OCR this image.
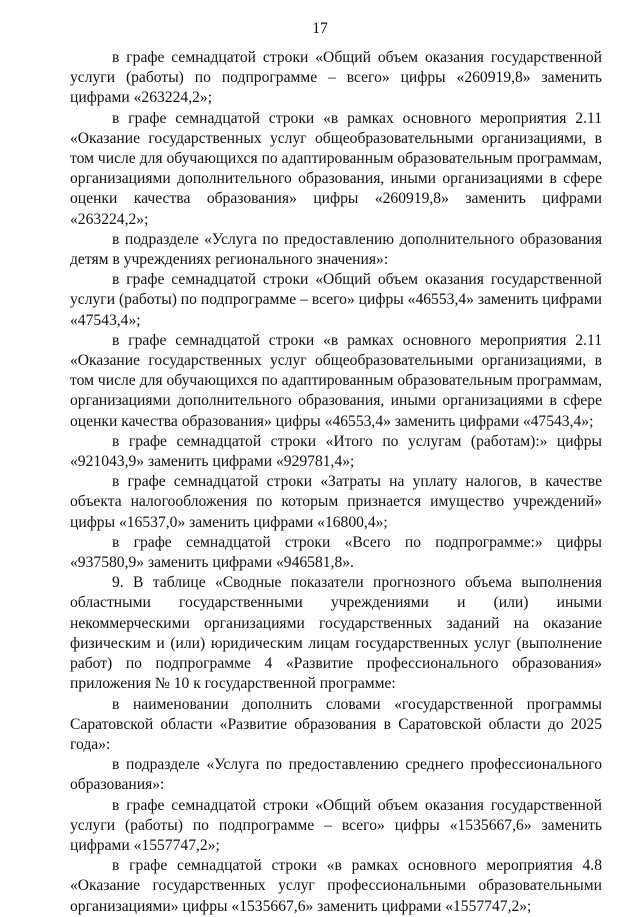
17

в графе семнадцатой строки «Общий объем оказания государственной услуги (работы) по подпрограмме – всего» цифры «260919,8» заменить цифрами «263224,2»;

в графе семнадцатой строки «в рамках основного мероприятия 2.11 «Оказание государственных услуг общеобразовательными организациями, в том числе для обучающихся по адаптированным образовательным программам, организациями дополнительного образования, иными организациями в сфере оценки качества образования» цифры «260919,8» заменить цифрами «263224,2»;

в подразделе «Услуга по предоставлению дополнительного образования детям в учреждениях регионального значения»:

в графе семнадцатой строки «Общий объем оказания государственной услуги (работы) по подпрограмме – всего» цифры «46553,4» заменить цифрами «47543,4»;

в графе семнадцатой строки «в рамках основного мероприятия 2.11 «Оказание государственных услуг общеобразовательными организациями, в том числе для обучающихся по адаптированным образовательным программам, организациями дополнительного образования, иными организациями в сфере оценки качества образования» цифры «46553,4» заменить цифрами «47543,4»;

в графе семнадцатой строки «Итого по услугам (работам):» цифры «921043,9» заменить цифрами «929781,4»;

в графе семнадцатой строки «Затраты на уплату налогов, в качестве объекта налогообложения по которым признается имущество учреждений» цифры «16537,0» заменить цифрами «16800,4»;

в графе семнадцатой строки «Всего по подпрограмме:» цифры «937580,9» заменить цифрами «946581,8».

9. В таблице «Сводные показатели прогнозного объема выполнения областными государственными учреждениями и (или) иными некоммерческими организациями государственных заданий на оказание физическим и (или) юридическим лицам государственных услуг (выполнение работ) по подпрограмме 4 «Развитие профессионального образования» приложения № 10 к государственной программе:

в наименовании дополнить словами «государственной программы Саратовской области «Развитие образования в Саратовской области до 2025 года»:

в подразделе «Услуга по предоставлению среднего профессионального образования»:

в графе семнадцатой строки «Общий объем оказания государственной услуги (работы) по подпрограмме – всего» цифры «1535667,6» заменить цифрами «1557747,2»;

в графе семнадцатой строки «в рамках основного мероприятия 4.8 «Оказание государственных услуг профессиональными образовательными организациями» цифры «1535667,6» заменить цифрами «1557747,2»;
